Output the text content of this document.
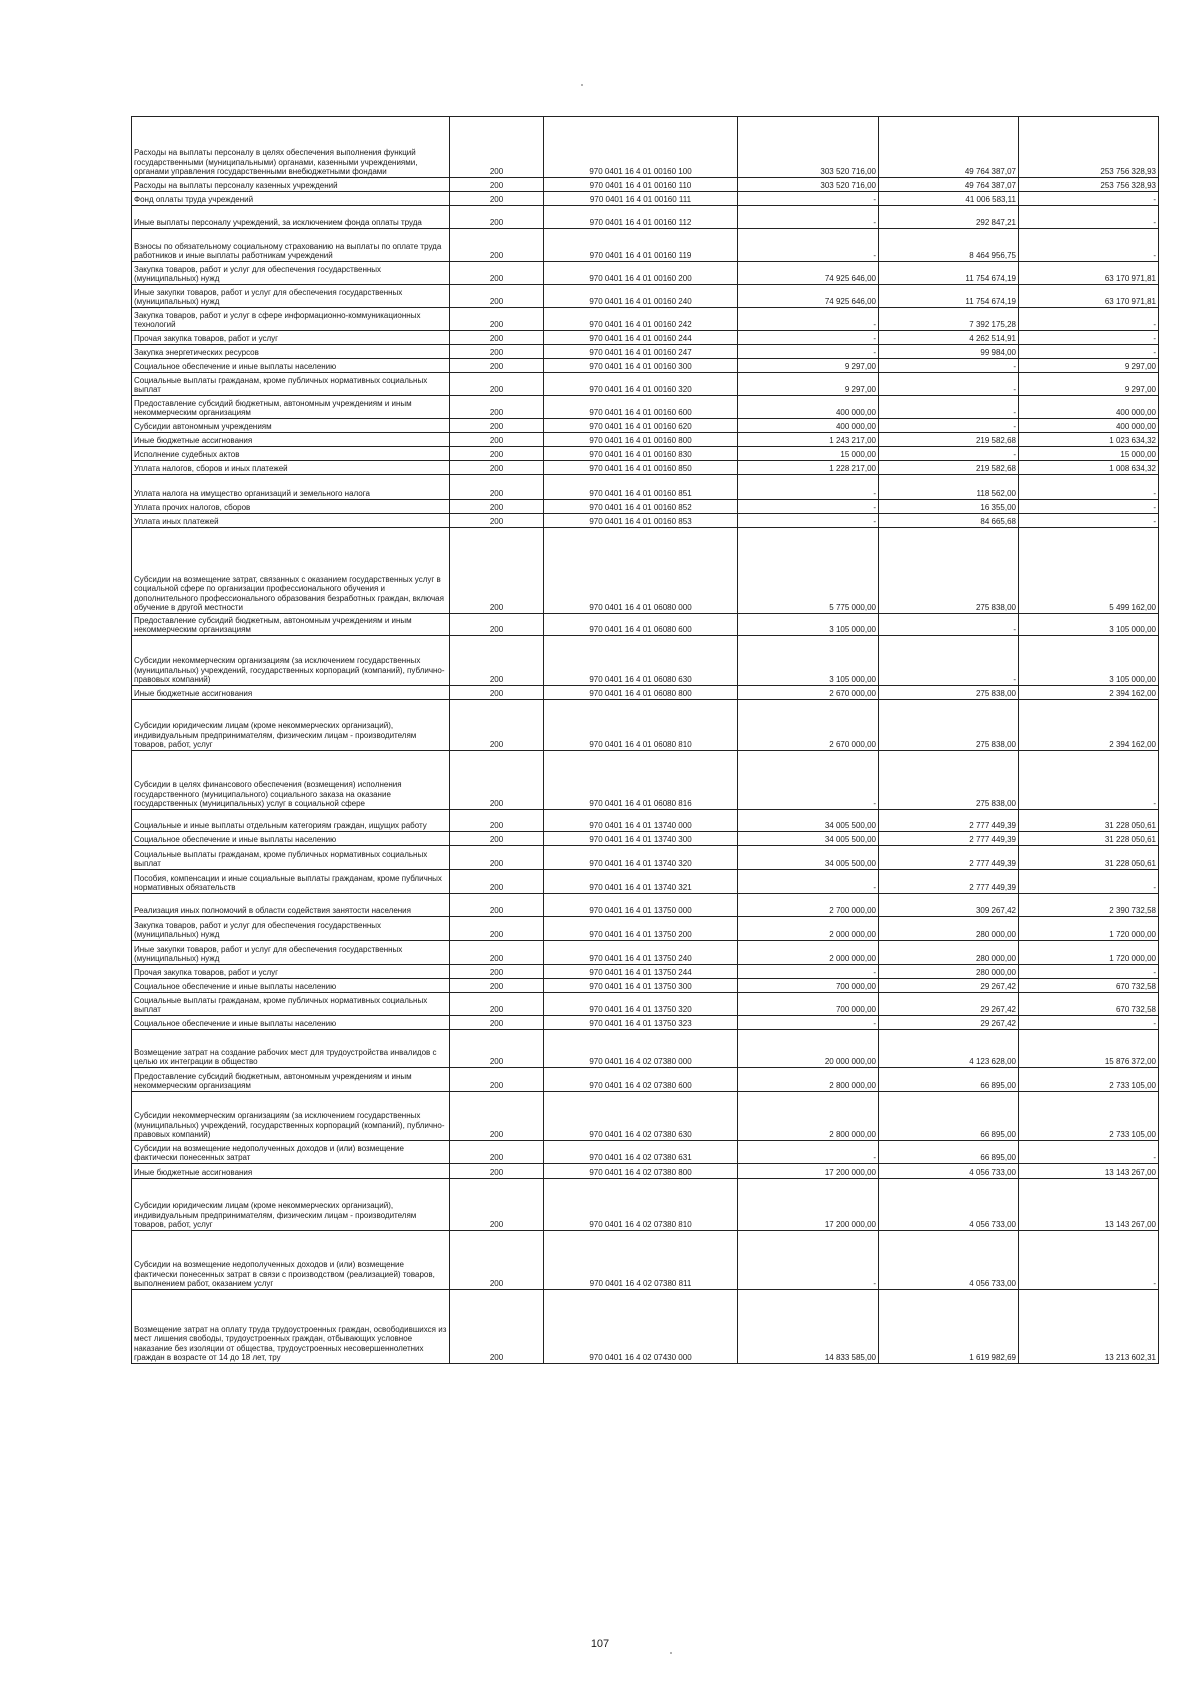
Расходы на выплаты персоналу в целях обеспечения выполнения функций государственными (муниципальными) органами, казенными учреждениями, органами управления государственными внебюджетными фондами	200	970 0401 16 4 01 00160 100	303 520 716,00	49 764 387,07	253 756 328,93
Расходы на выплаты персоналу казенных учреждений	200	970 0401 16 4 01 00160 110	303 520 716,00	49 764 387,07	253 756 328,93
Фонд оплаты труда учреждений	200	970 0401 16 4 01 00160 111	-	41 006 583,11	-
Иные выплаты персоналу учреждений, за исключением фонда оплаты труда	200	970 0401 16 4 01 00160 112	-	292 847,21	-
Взносы по обязательному социальному страхованию на выплаты по оплате труда работников и иные выплаты работникам учреждений	200	970 0401 16 4 01 00160 119	-	8 464 956,75	-
Закупка товаров, работ и услуг для обеспечения государственных (муниципальных) нужд	200	970 0401 16 4 01 00160 200	74 925 646,00	11 754 674,19	63 170 971,81
Иные закупки товаров, работ и услуг для обеспечения государственных (муниципальных) нужд	200	970 0401 16 4 01 00160 240	74 925 646,00	11 754 674,19	63 170 971,81
Закупка товаров, работ и услуг в сфере информационно-коммуникационных технологий	200	970 0401 16 4 01 00160 242	-	7 392 175,28	-
Прочая закупка товаров, работ и услуг	200	970 0401 16 4 01 00160 244	-	4 262 514,91	-
Закупка энергетических ресурсов	200	970 0401 16 4 01 00160 247	-	99 984,00	-
Социальное обеспечение и иные выплаты населению	200	970 0401 16 4 01 00160 300	9 297,00	-	9 297,00
Социальные выплаты гражданам, кроме публичных нормативных социальных выплат	200	970 0401 16 4 01 00160 320	9 297,00	-	9 297,00
Предоставление субсидий бюджетным, автономным учреждениям и иным некоммерческим организациям	200	970 0401 16 4 01 00160 600	400 000,00	-	400 000,00
Субсидии автономным учреждениям	200	970 0401 16 4 01 00160 620	400 000,00	-	400 000,00
Иные бюджетные ассигнования	200	970 0401 16 4 01 00160 800	1 243 217,00	219 582,68	1 023 634,32
Исполнение судебных актов	200	970 0401 16 4 01 00160 830	15 000,00	-	15 000,00
Уплата налогов, сборов и иных платежей	200	970 0401 16 4 01 00160 850	1 228 217,00	219 582,68	1 008 634,32
Уплата налога на имущество организаций и земельного налога	200	970 0401 16 4 01 00160 851	-	118 562,00	-
Уплата прочих налогов, сборов	200	970 0401 16 4 01 00160 852	-	16 355,00	-
Уплата иных платежей	200	970 0401 16 4 01 00160 853	-	84 665,68	-
Субсидии на возмещение затрат, связанных с оказанием государственных услуг в социальной сфере по организации профессионального обучения и дополнительного профессионального образования безработных граждан, включая обучение в другой местности	200	970 0401 16 4 01 06080 000	5 775 000,00	275 838,00	5 499 162,00
Предоставление субсидий бюджетным, автономным учреждениям и иным некоммерческим организациям	200	970 0401 16 4 01 06080 600	3 105 000,00	-	3 105 000,00
Субсидии некоммерческим организациям (за исключением государственных (муниципальных) учреждений, государственных корпораций (компаний), публично-правовых компаний)	200	970 0401 16 4 01 06080 630	3 105 000,00	-	3 105 000,00
Иные бюджетные ассигнования	200	970 0401 16 4 01 06080 800	2 670 000,00	275 838,00	2 394 162,00
Субсидии юридическим лицам (кроме некоммерческих организаций), индивидуальным предпринимателям, физическим лицам - производителям товаров, работ, услуг	200	970 0401 16 4 01 06080 810	2 670 000,00	275 838,00	2 394 162,00
Субсидии в целях финансового обеспечения (возмещения) исполнения государственного (муниципального) социального заказа на оказание государственных (муниципальных) услуг в социальной сфере	200	970 0401 16 4 01 06080 816	-	275 838,00	-
Социальные и иные выплаты отдельным категориям граждан, ищущих работу	200	970 0401 16 4 01 13740 000	34 005 500,00	2 777 449,39	31 228 050,61
Социальное обеспечение и иные выплаты населению	200	970 0401 16 4 01 13740 300	34 005 500,00	2 777 449,39	31 228 050,61
Социальные выплаты гражданам, кроме публичных нормативных социальных выплат	200	970 0401 16 4 01 13740 320	34 005 500,00	2 777 449,39	31 228 050,61
Пособия, компенсации и иные социальные выплаты гражданам, кроме публичных нормативных обязательств	200	970 0401 16 4 01 13740 321	-	2 777 449,39	-
Реализация иных полномочий в области содействия занятости населения	200	970 0401 16 4 01 13750 000	2 700 000,00	309 267,42	2 390 732,58
Закупка товаров, работ и услуг для обеспечения государственных (муниципальных) нужд	200	970 0401 16 4 01 13750 200	2 000 000,00	280 000,00	1 720 000,00
Иные закупки товаров, работ и услуг для обеспечения государственных (муниципальных) нужд	200	970 0401 16 4 01 13750 240	2 000 000,00	280 000,00	1 720 000,00
Прочая закупка товаров, работ и услуг	200	970 0401 16 4 01 13750 244	-	280 000,00	-
Социальное обеспечение и иные выплаты населению	200	970 0401 16 4 01 13750 300	700 000,00	29 267,42	670 732,58
Социальные выплаты гражданам, кроме публичных нормативных социальных выплат	200	970 0401 16 4 01 13750 320	700 000,00	29 267,42	670 732,58
Социальное обеспечение и иные выплаты населению	200	970 0401 16 4 01 13750 323	-	29 267,42	-
Возмещение затрат на создание рабочих мест для трудоустройства инвалидов с целью их интеграции в общество	200	970 0401 16 4 02 07380 000	20 000 000,00	4 123 628,00	15 876 372,00
Предоставление субсидий бюджетным, автономным учреждениям и иным некоммерческим организациям	200	970 0401 16 4 02 07380 600	2 800 000,00	66 895,00	2 733 105,00
Субсидии некоммерческим организациям (за исключением государственных (муниципальных) учреждений, государственных корпораций (компаний), публично-правовых компаний)	200	970 0401 16 4 02 07380 630	2 800 000,00	66 895,00	2 733 105,00
Субсидии на возмещение недополученных доходов и (или) возмещение фактически понесенных затрат	200	970 0401 16 4 02 07380 631	-	66 895,00	-
Иные бюджетные ассигнования	200	970 0401 16 4 02 07380 800	17 200 000,00	4 056 733,00	13 143 267,00
Субсидии юридическим лицам (кроме некоммерческих организаций), индивидуальным предпринимателям, физическим лицам - производителям товаров, работ, услуг	200	970 0401 16 4 02 07380 810	17 200 000,00	4 056 733,00	13 143 267,00
Субсидии на возмещение недополученных доходов и (или) возмещение фактически понесенных затрат в связи с производством (реализацией) товаров, выполнением работ, оказанием услуг	200	970 0401 16 4 02 07380 811	-	4 056 733,00	-
Возмещение затрат на оплату труда трудоустроенных граждан, освободившихся из мест лишения свободы, трудоустроенных граждан, отбывающих условное наказание без изоляции от общества, трудоустроенных несовершеннолетних граждан в возрасте от 14 до 18 лет, тру	200	970 0401 16 4 02 07430 000	14 833 585,00	1 619 982,69	13 213 602,31
107
